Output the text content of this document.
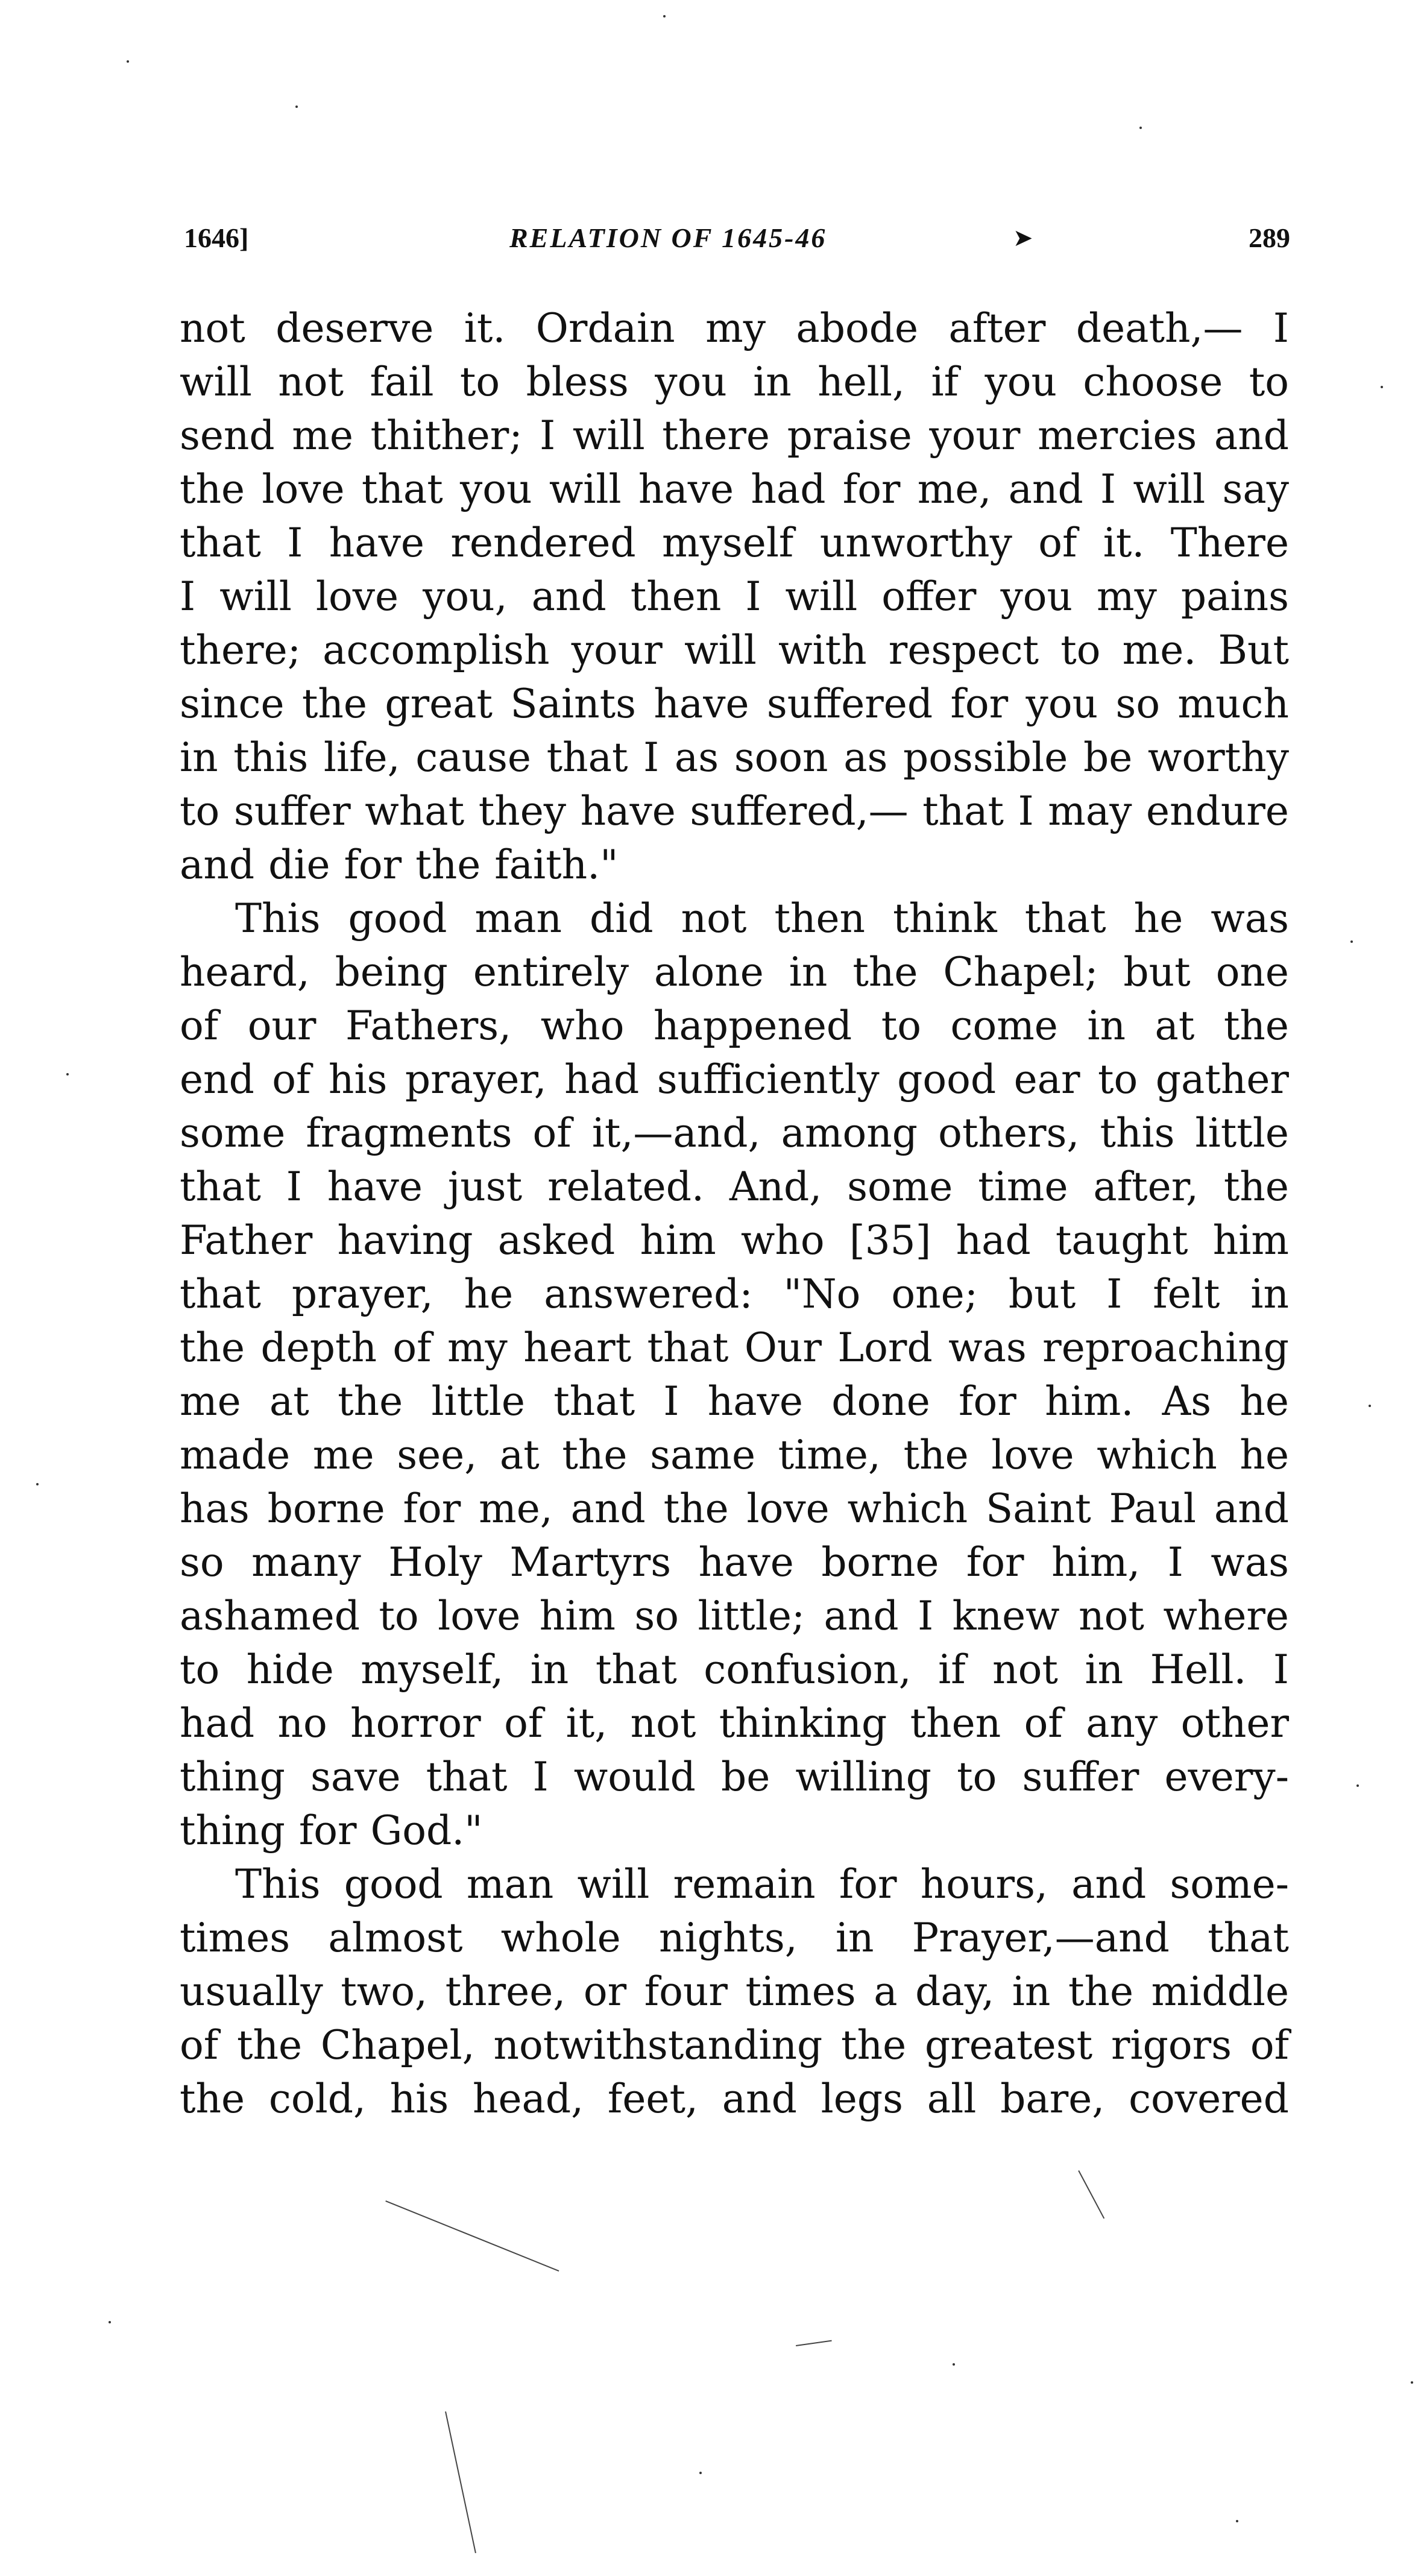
1646]	RELATION OF 1645-46	➤	289
not deserve it. Ordain my abode after death,— I
will not fail to bless you in hell, if you choose to
send me thither; I will there praise your mercies and
the love that you will have had for me, and I will say
that I have rendered myself unworthy of it. There
I will love you, and then I will offer you my pains
there; accomplish your will with respect to me. But
since the great Saints have suffered for you so much
in this life, cause that I as soon as possible be worthy
to suffer what they have suffered,— that I may endure
and die for the faith."
This good man did not then think that he was
heard, being entirely alone in the Chapel; but one
of our Fathers, who happened to come in at the
end of his prayer, had sufficiently good ear to gather
some fragments of it,—and, among others, this little
that I have just related. And, some time after, the
Father having asked him who [35] had taught him
that prayer, he answered: "No one; but I felt in
the depth of my heart that Our Lord was reproaching
me at the little that I have done for him. As he
made me see, at the same time, the love which he
has borne for me, and the love which Saint Paul and
so many Holy Martyrs have borne for him, I was
ashamed to love him so little; and I knew not where
to hide myself, in that confusion, if not in Hell. I
had no horror of it, not thinking then of any other
thing save that I would be willing to suffer every-
thing for God."
This good man will remain for hours, and some-
times almost whole nights, in Prayer,—and that
usually two, three, or four times a day, in the middle
of the Chapel, notwithstanding the greatest rigors of
the cold, his head, feet, and legs all bare, covered
